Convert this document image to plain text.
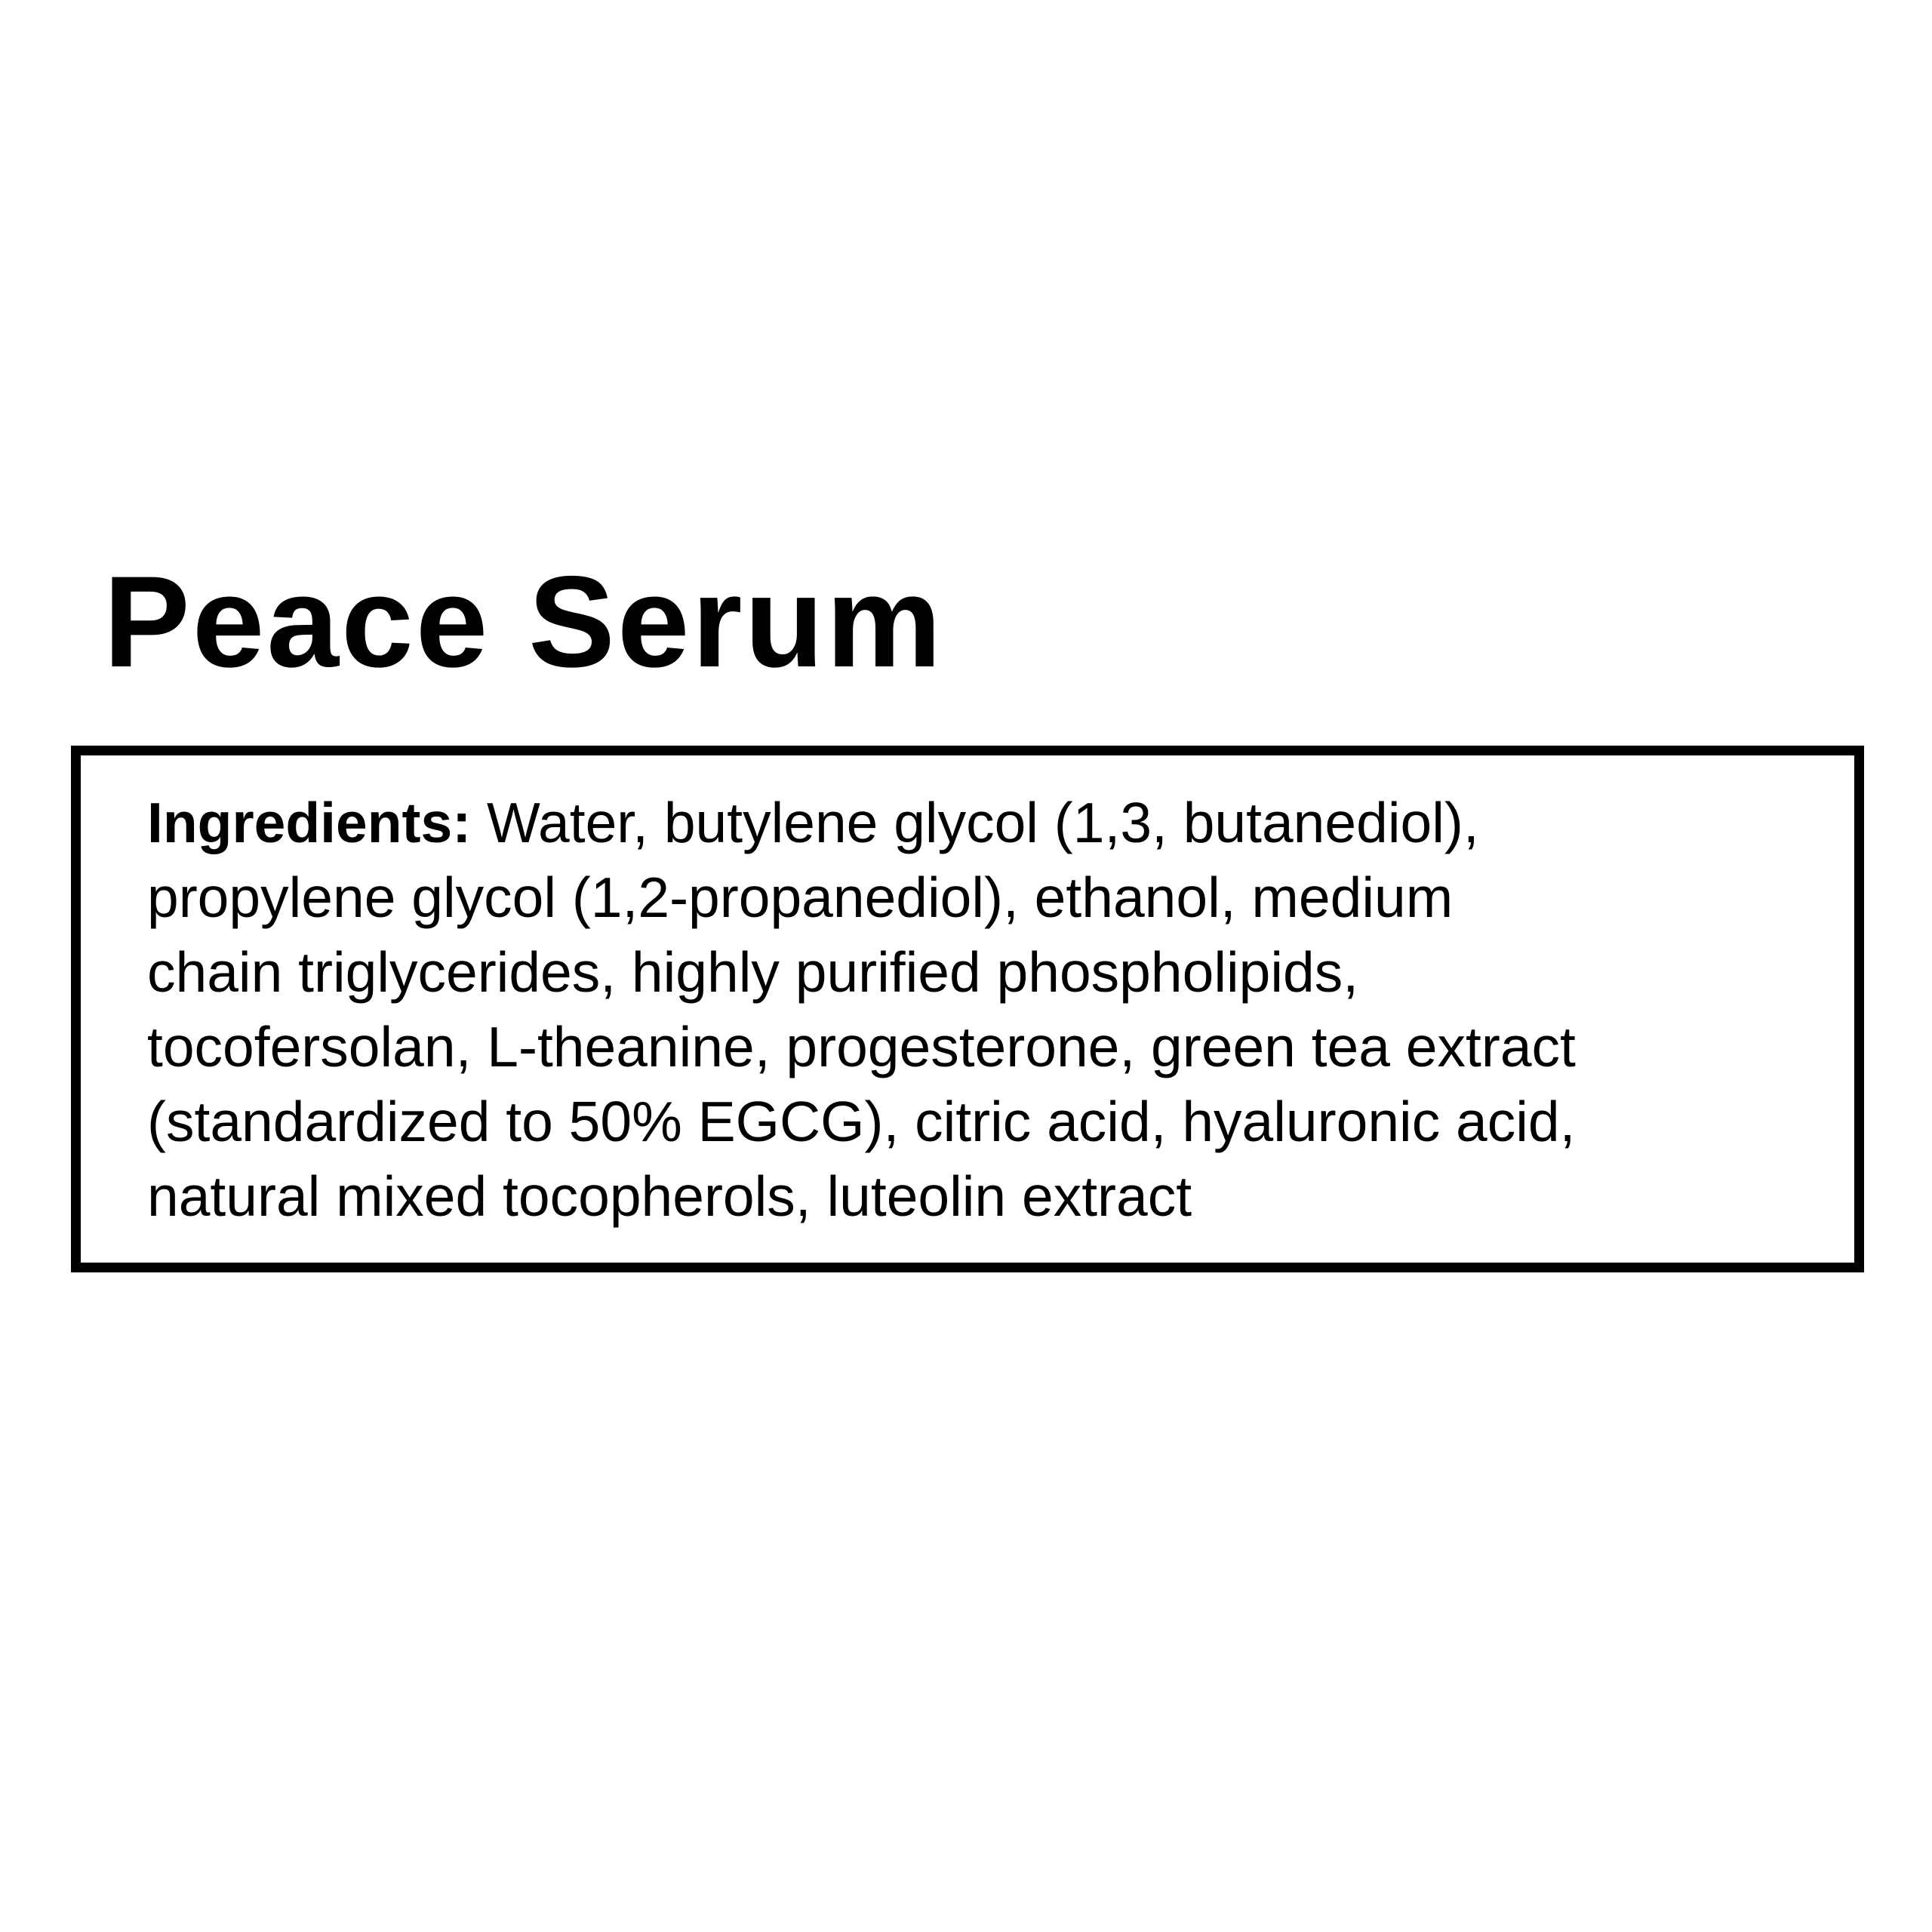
Peace Serum

Ingredients: Water, butylene glycol (1,3, butanediol),
propylene glycol (1,2-propanediol), ethanol, medium
chain triglycerides, highly purified phospholipids,
tocofersolan, L-theanine, progesterone, green tea extract
(standardized to 50% EGCG), citric acid, hyaluronic acid,
natural mixed tocopherols, luteolin extract
